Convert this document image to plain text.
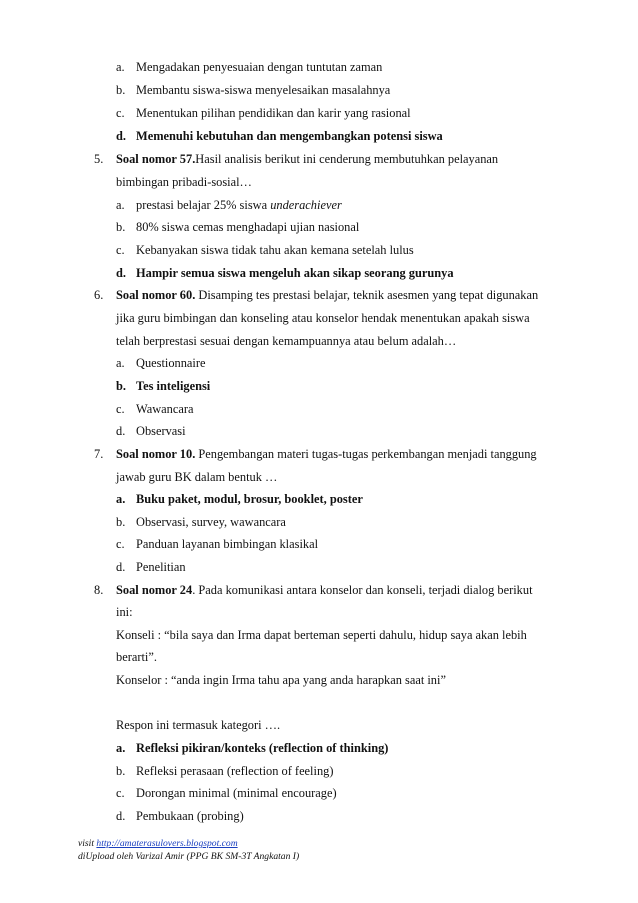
a. Mengadakan penyesuaian dengan tuntutan zaman
b. Membantu siswa-siswa menyelesaikan masalahnya
c. Menentukan pilihan pendidikan dan karir yang rasional
d. Memenuhi kebutuhan dan mengembangkan potensi siswa
5. Soal nomor 57.Hasil analisis berikut ini cenderung membutuhkan pelayanan
bimbingan pribadi-sosial…
a. prestasi belajar 25% siswa underachiever
b. 80% siswa cemas menghadapi ujian nasional
c. Kebanyakan siswa tidak tahu akan kemana setelah lulus
d. Hampir semua siswa mengeluh akan sikap seorang gurunya
6. Soal nomor 60. Disamping tes prestasi belajar, teknik asesmen yang tepat digunakan
jika guru bimbingan dan konseling atau konselor hendak menentukan apakah siswa
telah berprestasi sesuai dengan kemampuannya atau belum adalah…
a. Questionnaire
b. Tes inteligensi
c. Wawancara
d. Observasi
7. Soal nomor 10. Pengembangan materi tugas-tugas perkembangan menjadi tanggung
jawab guru BK dalam bentuk …
a. Buku paket, modul, brosur, booklet, poster
b. Observasi, survey, wawancara
c. Panduan layanan bimbingan klasikal
d. Penelitian
8. Soal nomor 24. Pada komunikasi antara konselor dan konseli, terjadi dialog berikut
ini:
Konseli : “bila saya dan Irma dapat berteman seperti dahulu, hidup saya akan lebih
berarti”.
Konselor : “anda ingin Irma tahu apa yang anda harapkan saat ini”
Respon ini termasuk kategori ….
a. Refleksi pikiran/konteks (reflection of thinking)
b. Refleksi perasaan (reflection of feeling)
c. Dorongan minimal (minimal encourage)
d. Pembukaan (probing)
visit http://amaterasulovers.blogspot.com
diUpload oleh Varizal Amir (PPG BK SM-3T Angkatan I)
